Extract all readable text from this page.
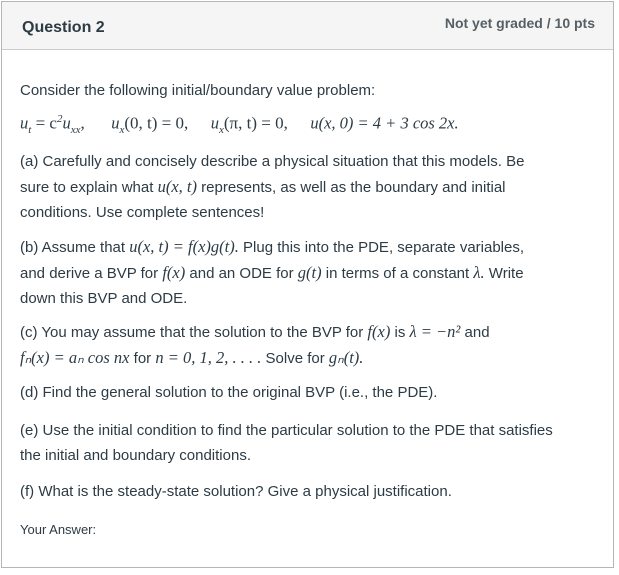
Question 2	Not yet graded / 10 pts
Consider the following initial/boundary value problem:
$u_t = c^2u_{xx}$, $u_x(0$, t) = 0, $u_x(\pi$, t) = 0, u(x, 0) = 4 + 3 cos 2x.
(a) Carefully and concisely describe a physical situation that this models. Be
sure to explain what u(x, t) represents, as well as the boundary and initial
conditions. Use complete sentences!
(b) Assume that u(x, t) = f(x)g(t). Plug this into the PDE, separate variables,
and derive a BVP for f(x) and an ODE for g(t) in terms of a constant λ. Write
down this BVP and ODE.
(c) You may assume that the solution to the BVP for f(x) is λ = −n² and
fₙ(x) = aₙ cos nx for n = 0, 1, 2, . . . . Solve for gₙ(t).
(d) Find the general solution to the original BVP (i.e., the PDE).
(e) Use the initial condition to find the particular solution to the PDE that satisfies
the initial and boundary conditions.
(f) What is the steady-state solution? Give a physical justification.
Your Answer:
